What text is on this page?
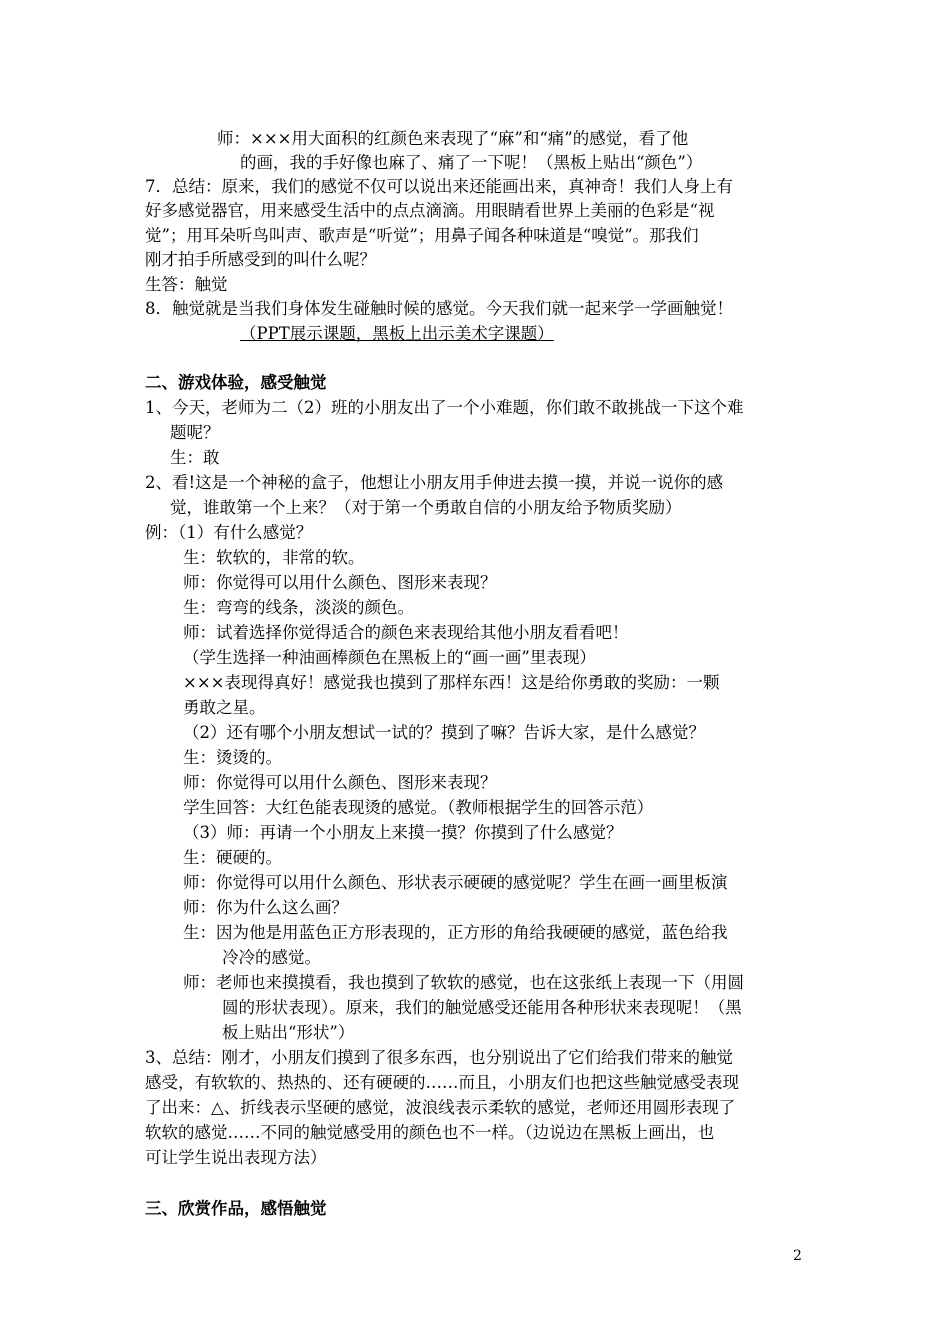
师：×××用大面积的红颜色来表现了“麻”和“痛”的感觉，看了他
的画，我的手好像也麻了、痛了一下呢！（黑板上贴出“颜色”）
7．总结：原来，我们的感觉不仅可以说出来还能画出来，真神奇！我们人身上有
好多感觉器官，用来感受生活中的点点滴滴。用眼睛看世界上美丽的色彩是“视
觉”；用耳朵听鸟叫声、歌声是“听觉”；用鼻子闻各种味道是“嗅觉”。那我们
刚才拍手所感受到的叫什么呢？
生答：触觉
8．触觉就是当我们身体发生碰触时候的感觉。今天我们就一起来学一学画触觉！
（PPT展示课题，黑板上出示美术字课题）
二、游戏体验，感受触觉
1、今天，老师为二（2）班的小朋友出了一个小难题，你们敢不敢挑战一下这个难
题呢？
生：敢
2、看!这是一个神秘的盒子，他想让小朋友用手伸进去摸一摸，并说一说你的感
觉，谁敢第一个上来？（对于第一个勇敢自信的小朋友给予物质奖励）
例：（1）有什么感觉？
生：软软的，非常的软。
师：你觉得可以用什么颜色、图形来表现？
生：弯弯的线条，淡淡的颜色。
师：试着选择你觉得适合的颜色来表现给其他小朋友看看吧！
（学生选择一种油画棒颜色在黑板上的“画一画”里表现）
×××表现得真好！感觉我也摸到了那样东西！这是给你勇敢的奖励：一颗
勇敢之星。
（2）还有哪个小朋友想试一试的？摸到了嘛？告诉大家，是什么感觉？
生：烫烫的。
师：你觉得可以用什么颜色、图形来表现？
学生回答：大红色能表现烫的感觉。（教师根据学生的回答示范）
（3）师：再请一个小朋友上来摸一摸？你摸到了什么感觉？
生：硬硬的。
师：你觉得可以用什么颜色、形状表示硬硬的感觉呢？学生在画一画里板演
师：你为什么这么画？
生：因为他是用蓝色正方形表现的，正方形的角给我硬硬的感觉，蓝色给我
冷冷的感觉。
师：老师也来摸摸看，我也摸到了软软的感觉，也在这张纸上表现一下（用圆
圆的形状表现）。原来，我们的触觉感受还能用各种形状来表现呢！（黑
板上贴出“形状”）
3、总结：刚才，小朋友们摸到了很多东西，也分别说出了它们给我们带来的触觉
感受，有软软的、热热的、还有硬硬的……而且，小朋友们也把这些触觉感受表现
了出来：△、折线表示坚硬的感觉，波浪线表示柔软的感觉，老师还用圆形表现了
软软的感觉……不同的触觉感受用的颜色也不一样。（边说边在黑板上画出，也
可让学生说出表现方法）
三、欣赏作品，感悟触觉
2
